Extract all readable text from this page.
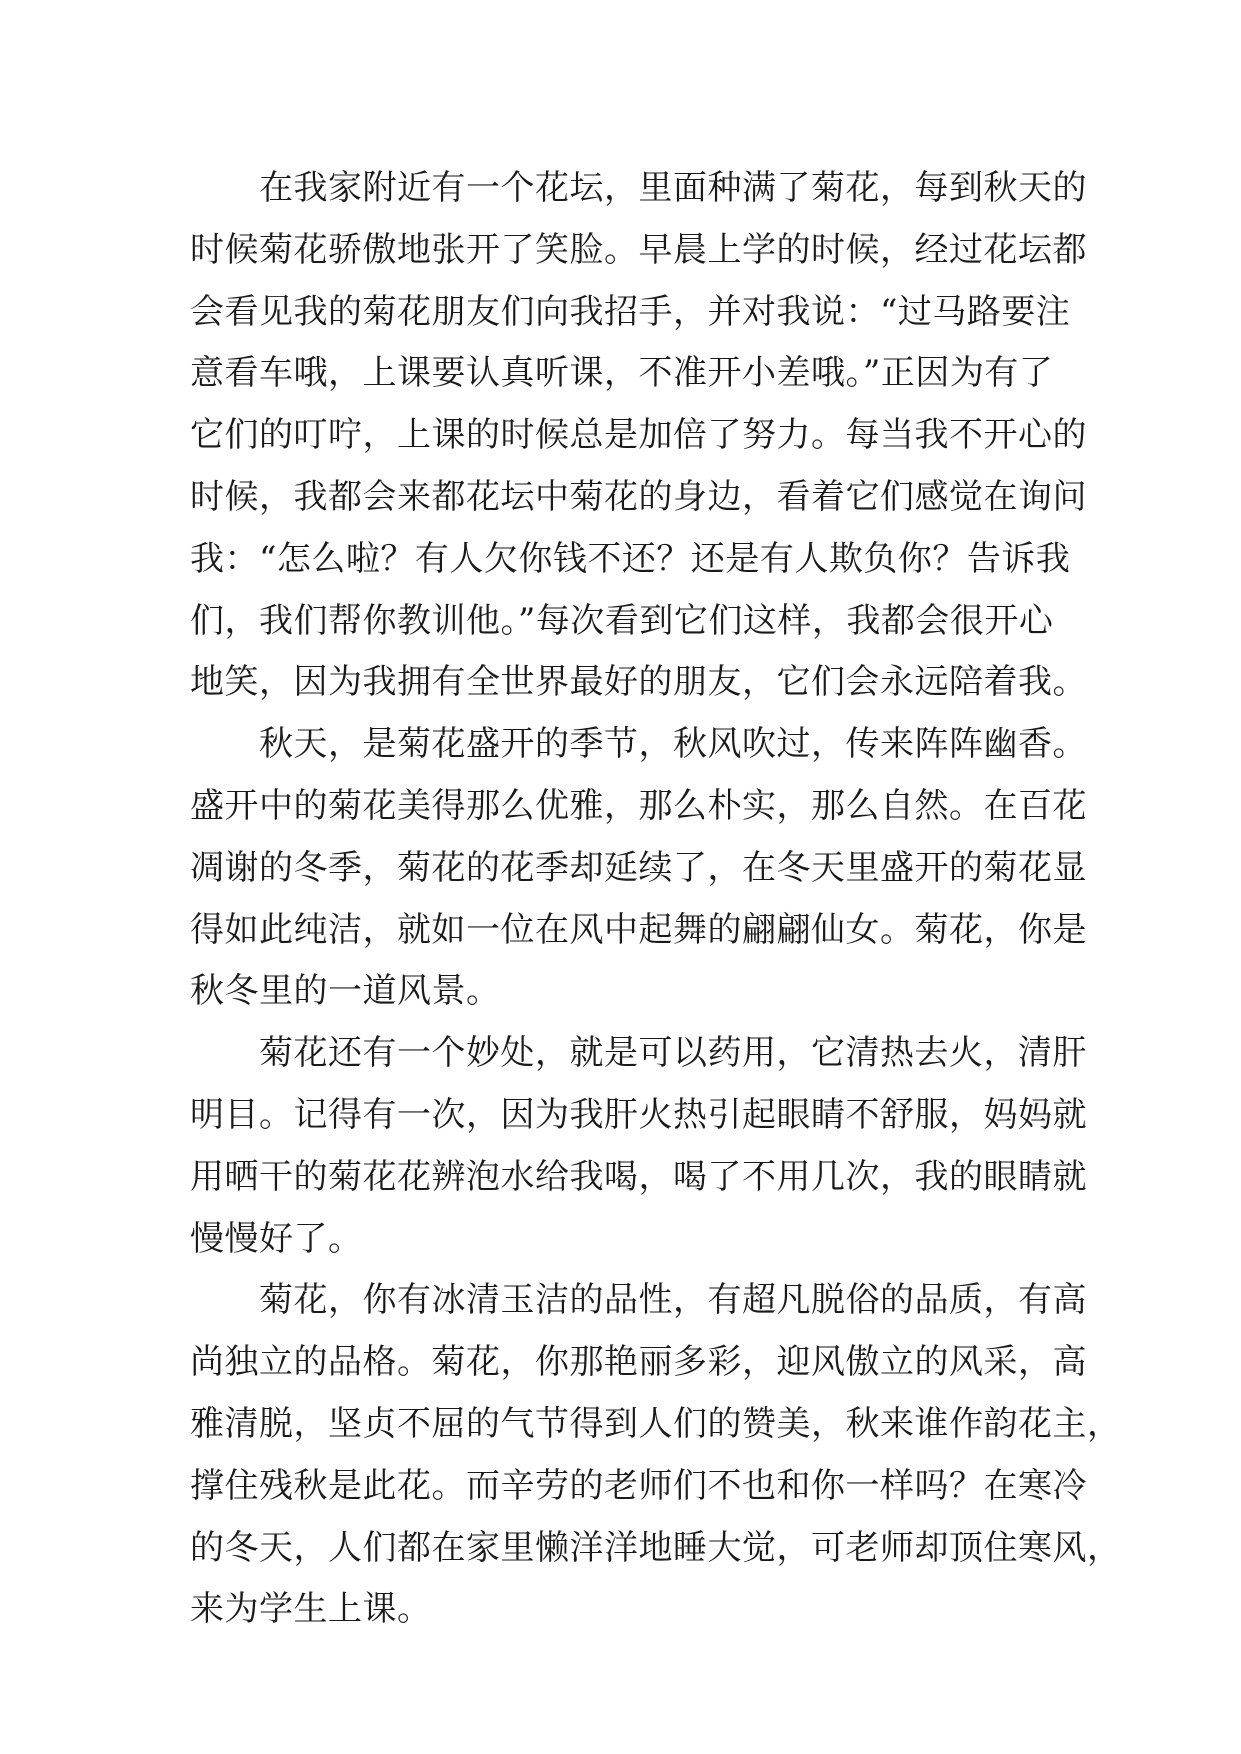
　　在我家附近有一个花坛，里面种满了菊花，每到秋天的
时候菊花骄傲地张开了笑脸。早晨上学的时候，经过花坛都
会看见我的菊花朋友们向我招手，并对我说：“过马路要注
意看车哦，上课要认真听课，不准开小差哦。”正因为有了
它们的叮咛，上课的时候总是加倍了努力。每当我不开心的
时候，我都会来都花坛中菊花的身边，看着它们感觉在询问
我：“怎么啦？有人欠你钱不还？还是有人欺负你？告诉我
们，我们帮你教训他。”每次看到它们这样，我都会很开心
地笑，因为我拥有全世界最好的朋友，它们会永远陪着我。
　　秋天，是菊花盛开的季节，秋风吹过，传来阵阵幽香。
盛开中的菊花美得那么优雅，那么朴实，那么自然。在百花
凋谢的冬季，菊花的花季却延续了，在冬天里盛开的菊花显
得如此纯洁，就如一位在风中起舞的翩翩仙女。菊花，你是
秋冬里的一道风景。
　　菊花还有一个妙处，就是可以药用，它清热去火，清肝
明目。记得有一次，因为我肝火热引起眼睛不舒服，妈妈就
用晒干的菊花花辨泡水给我喝，喝了不用几次，我的眼睛就
慢慢好了。
　　菊花，你有冰清玉洁的品性，有超凡脱俗的品质，有高
尚独立的品格。菊花，你那艳丽多彩，迎风傲立的风采，高
雅清脱，坚贞不屈的气节得到人们的赞美，秋来谁作韵花主，
撑住残秋是此花。而辛劳的老师们不也和你一样吗？在寒冷
的冬天，人们都在家里懒洋洋地睡大觉，可老师却顶住寒风，
来为学生上课。
